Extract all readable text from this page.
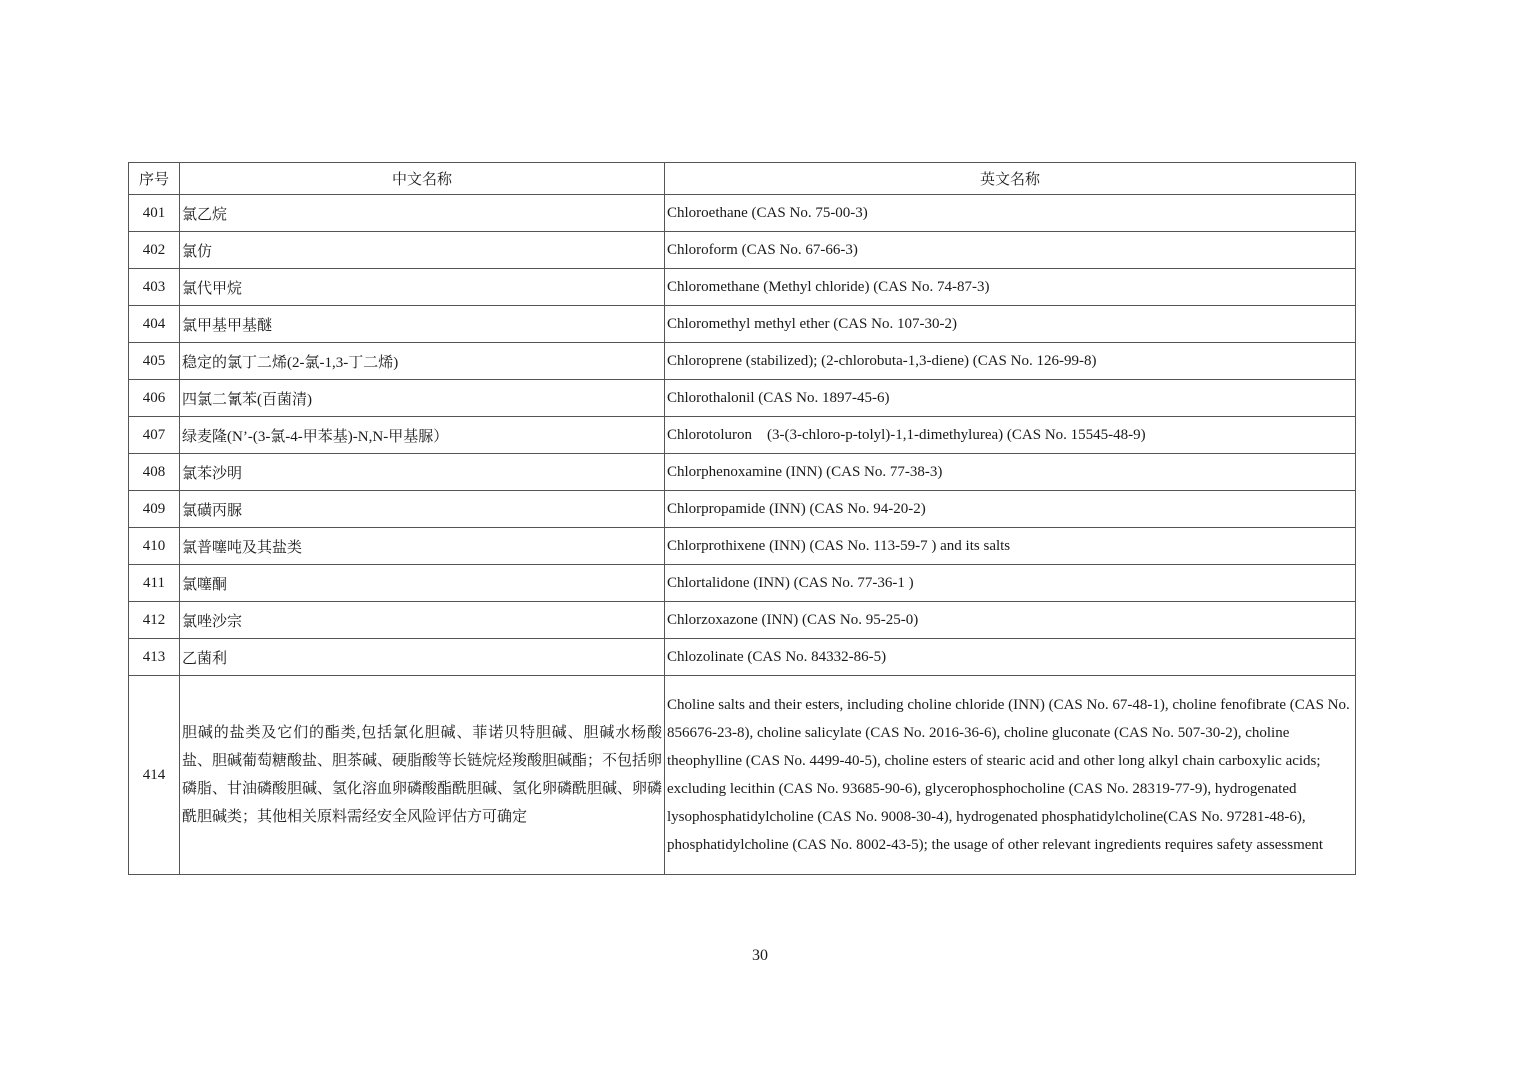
序号	中文名称	英文名称
401	氯乙烷	Chloroethane (CAS No. 75-00-3)
402	氯仿	Chloroform (CAS No. 67-66-3)
403	氯代甲烷	Chloromethane (Methyl chloride) (CAS No. 74-87-3)
404	氯甲基甲基醚	Chloromethyl methyl ether (CAS No. 107-30-2)
405	稳定的氯丁二烯(2-氯-1,3-丁二烯)	Chloroprene (stabilized); (2-chlorobuta-1,3-diene) (CAS No. 126-99-8)
406	四氯二氰苯(百菌清)	Chlorothalonil (CAS No. 1897-45-6)
407	绿麦隆(N’-(3-氯-4-甲苯基)-N,N-甲基脲）	Chlorotoluron    (3-(3-chloro-p-tolyl)-1,1-dimethylurea) (CAS No. 15545-48-9)
408	氯苯沙明	Chlorphenoxamine (INN) (CAS No. 77-38-3)
409	氯磺丙脲	Chlorpropamide (INN) (CAS No. 94-20-2)
410	氯普噻吨及其盐类	Chlorprothixene (INN) (CAS No. 113-59-7 ) and its salts
411	氯噻酮	Chlortalidone (INN) (CAS No. 77-36-1 )
412	氯唑沙宗	Chlorzoxazone (INN) (CAS No. 95-25-0)
413	乙菌利	Chlozolinate (CAS No. 84332-86-5)
414	胆碱的盐类及它们的酯类,包括氯化胆碱、菲诺贝特胆碱、胆碱水杨酸盐、胆碱葡萄糖酸盐、胆茶碱、硬脂酸等长链烷烃羧酸胆碱酯；不包括卵磷脂、甘油磷酸胆碱、氢化溶血卵磷酸酯酰胆碱、氢化卵磷酰胆碱、卵磷酰胆碱类；其他相关原料需经安全风险评估方可确定	Choline salts and their esters, including choline chloride (INN) (CAS No. 67-48-1), choline fenofibrate (CAS No. 856676-23-8), choline salicylate (CAS No. 2016-36-6), choline gluconate (CAS No. 507-30-2), choline theophylline (CAS No. 4499-40-5), choline esters of stearic acid and other long alkyl chain carboxylic acids; excluding lecithin (CAS No. 93685-90-6), glycerophosphocholine (CAS No. 28319-77-9), hydrogenated lysophosphatidylcholine (CAS No. 9008-30-4), hydrogenated phosphatidylcholine(CAS No. 97281-48-6), phosphatidylcholine (CAS No. 8002-43-5); the usage of other relevant ingredients requires safety assessment
30
